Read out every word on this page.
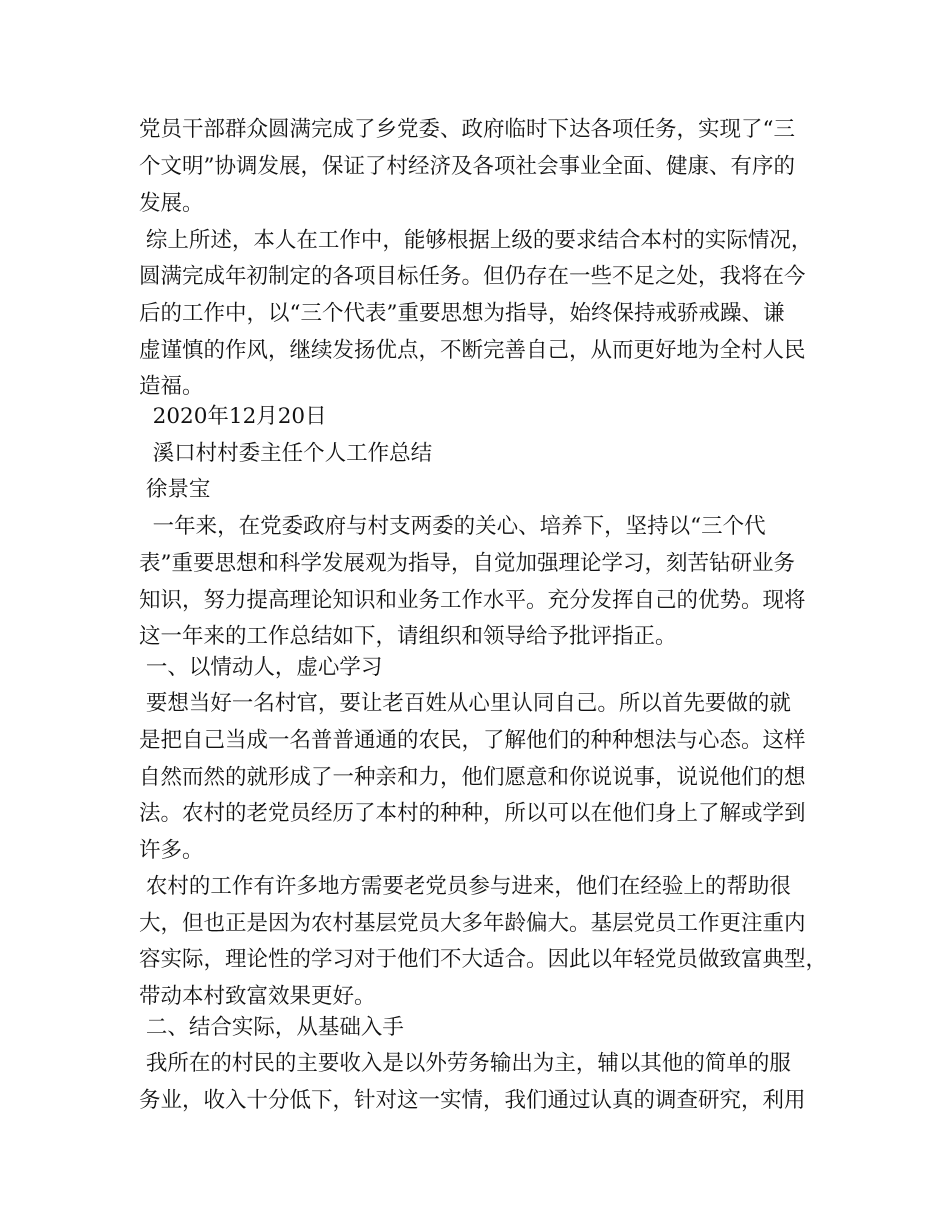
党员干部群众圆满完成了乡党委、政府临时下达各项任务，实现了“三
个文明”协调发展，保证了村经济及各项社会事业全面、健康、有序的
发展。
综上所述，本人在工作中，能够根据上级的要求结合本村的实际情况，
圆满完成年初制定的各项目标任务。但仍存在一些不足之处，我将在今
后的工作中，以“三个代表”重要思想为指导，始终保持戒骄戒躁、谦
虚谨慎的作风，继续发扬优点，不断完善自己，从而更好地为全村人民
造福。
2020年12月20日
溪口村村委主任个人工作总结
徐景宝
一年来，在党委政府与村支两委的关心、培养下，坚持以“三个代
表”重要思想和科学发展观为指导，自觉加强理论学习，刻苦钻研业务
知识，努力提高理论知识和业务工作水平。充分发挥自己的优势。现将
这一年来的工作总结如下，请组织和领导给予批评指正。
一、以情动人，虚心学习
要想当好一名村官，要让老百姓从心里认同自己。所以首先要做的就
是把自己当成一名普普通通的农民，了解他们的种种想法与心态。这样
自然而然的就形成了一种亲和力，他们愿意和你说说事，说说他们的想
法。农村的老党员经历了本村的种种，所以可以在他们身上了解或学到
许多。
农村的工作有许多地方需要老党员参与进来，他们在经验上的帮助很
大，但也正是因为农村基层党员大多年龄偏大。基层党员工作更注重内
容实际，理论性的学习对于他们不大适合。因此以年轻党员做致富典型，
带动本村致富效果更好。
二、结合实际，从基础入手
我所在的村民的主要收入是以外劳务输出为主，辅以其他的简单的服
务业，收入十分低下，针对这一实情，我们通过认真的调查研究，利用
